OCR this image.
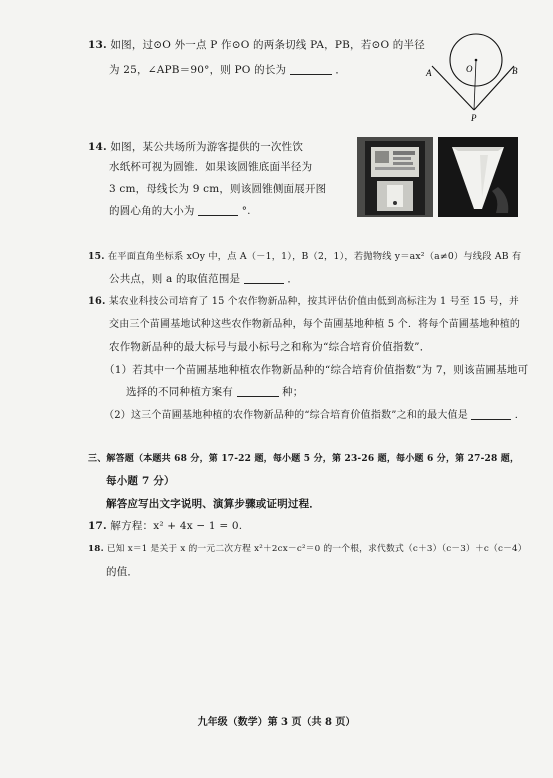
13. 如图，过⊙O 外一点 P 作⊙O 的两条切线 PA，PB，若⊙O 的半径
为 25，∠APB＝90°，则 PO 的长为	．	A	B
O
P
14. 如图，某公共场所为游客提供的一次性饮
水纸杯可视为圆锥．如果该圆锥底面半径为
3 cm，母线长为 9 cm，则该圆锥侧面展开图
的圆心角的大小为	°.
15. 在平面直角坐标系 xOy 中，点 A（－1，1），B（2，1），若抛物线 y＝ax²（a≠0）与线段 AB 有
公共点，则 a 的取值范围是	．
16. 某农业科技公司培育了 15 个农作物新品种，按其评估价值由低到高标注为 1 号至 15 号，并
交由三个苗圃基地试种这些农作物新品种，每个苗圃基地种植 5 个．将每个苗圃基地种植的
农作物新品种的最大标号与最小标号之和称为“综合培育价值指数”．
（1）若其中一个苗圃基地种植农作物新品种的“综合培育价值指数”为 7，则该苗圃基地可
选择的不同种植方案有	种；
（2）这三个苗圃基地种植的农作物新品种的“综合培育价值指数”之和的最大值是	．
三、解答题（本题共 68 分，第 17-22 题，每小题 5 分，第 23-26 题，每小题 6 分，第 27-28 题，
每小题 7 分）
解答应写出文字说明、演算步骤或证明过程．
17. 解方程：x² + 4x − 1 = 0.
18. 已知 x＝1 是关于 x 的一元二次方程 x²＋2cx－c²＝0 的一个根，求代数式（c＋3）（c－3）＋c（c－4）
的值．
九年级（数学）第 3 页（共 8 页）
